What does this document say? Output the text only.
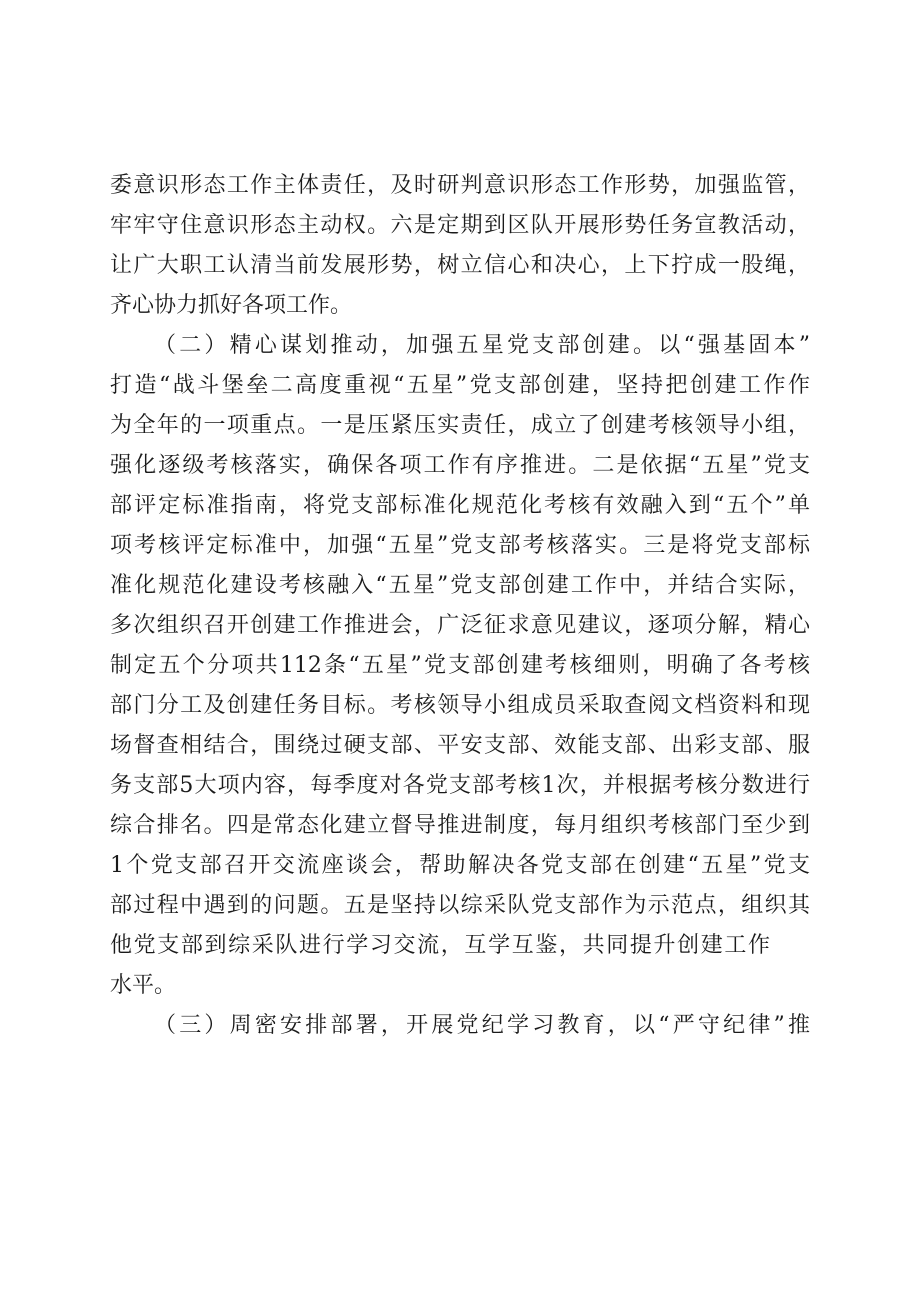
委意识形态工作主体责任，及时研判意识形态工作形势，加强监管，
牢牢守住意识形态主动权。六是定期到区队开展形势任务宣教活动，
让广大职工认清当前发展形势，树立信心和决心，上下拧成一股绳，
齐心协力抓好各项工作。
（二）精心谋划推动，加强五星党支部创建。以“强基固本”
打造“战斗堡垒二高度重视“五星”党支部创建，坚持把创建工作作
为全年的一项重点。一是压紧压实责任，成立了创建考核领导小组，
强化逐级考核落实，确保各项工作有序推进。二是依据“五星”党支
部评定标准指南，将党支部标准化规范化考核有效融入到“五个”单
项考核评定标准中，加强“五星”党支部考核落实。三是将党支部标
准化规范化建设考核融入“五星”党支部创建工作中，并结合实际，
多次组织召开创建工作推进会，广泛征求意见建议，逐项分解，精心
制定五个分项共112条“五星”党支部创建考核细则，明确了各考核
部门分工及创建任务目标。考核领导小组成员采取查阅文档资料和现
场督查相结合，围绕过硬支部、平安支部、效能支部、出彩支部、服
务支部5大项内容，每季度对各党支部考核1次，并根据考核分数进行
综合排名。四是常态化建立督导推进制度，每月组织考核部门至少到
1个党支部召开交流座谈会，帮助解决各党支部在创建“五星”党支
部过程中遇到的问题。五是坚持以综采队党支部作为示范点，组织其
他党支部到综采队进行学习交流，互学互鉴，共同提升创建工作
水平。
（三）周密安排部署，开展党纪学习教育，以“严守纪律”推
